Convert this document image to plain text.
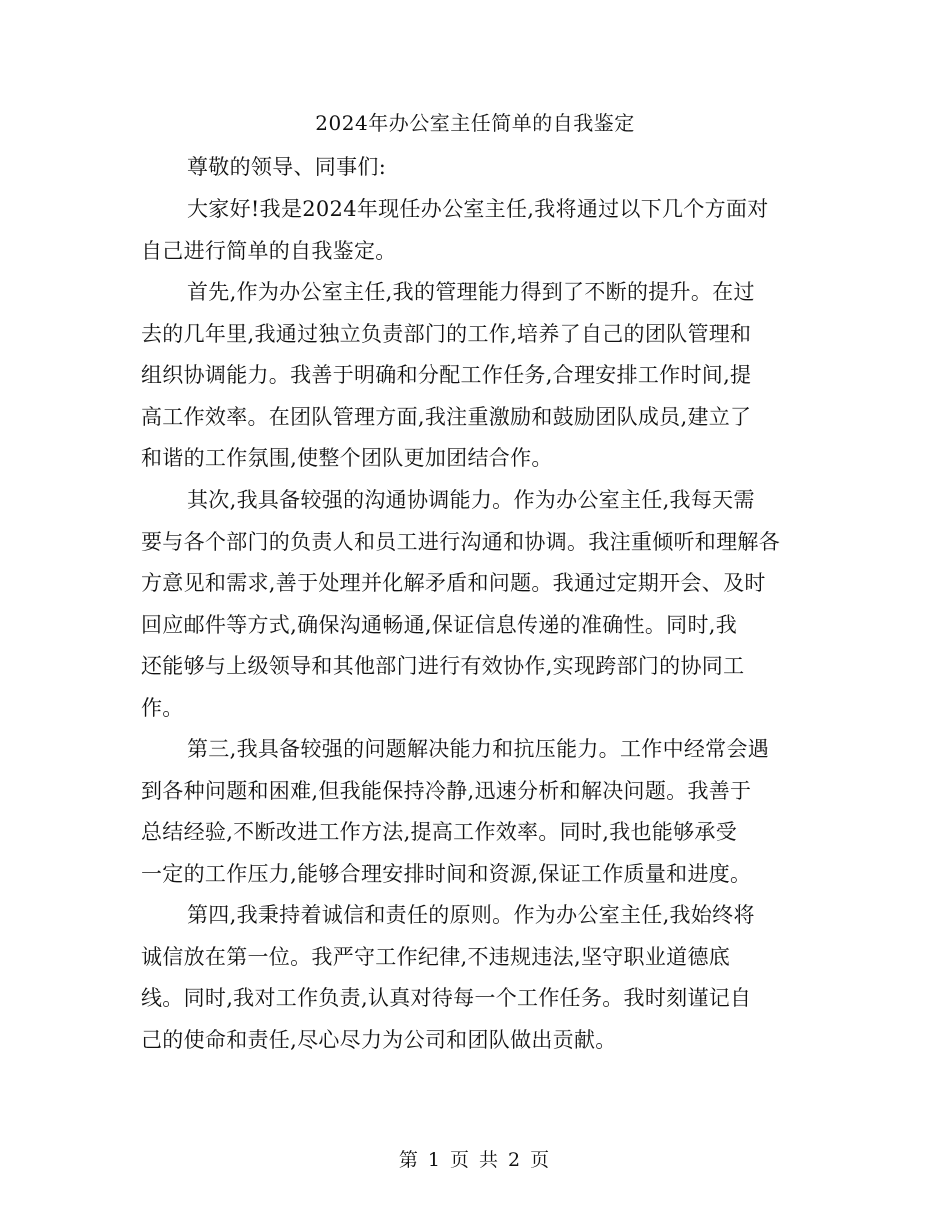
2024年办公室主任简单的自我鉴定
尊敬的领导、同事们:
大家好!我是2024年现任办公室主任,我将通过以下几个方面对
自己进行简单的自我鉴定。
首先,作为办公室主任,我的管理能力得到了不断的提升。在过
去的几年里,我通过独立负责部门的工作,培养了自己的团队管理和
组织协调能力。我善于明确和分配工作任务,合理安排工作时间,提
高工作效率。在团队管理方面,我注重激励和鼓励团队成员,建立了
和谐的工作氛围,使整个团队更加团结合作。
其次,我具备较强的沟通协调能力。作为办公室主任,我每天需
要与各个部门的负责人和员工进行沟通和协调。我注重倾听和理解各
方意见和需求,善于处理并化解矛盾和问题。我通过定期开会、及时
回应邮件等方式,确保沟通畅通,保证信息传递的准确性。同时,我
还能够与上级领导和其他部门进行有效协作,实现跨部门的协同工
作。
第三,我具备较强的问题解决能力和抗压能力。工作中经常会遇
到各种问题和困难,但我能保持冷静,迅速分析和解决问题。我善于
总结经验,不断改进工作方法,提高工作效率。同时,我也能够承受
一定的工作压力,能够合理安排时间和资源,保证工作质量和进度。
第四,我秉持着诚信和责任的原则。作为办公室主任,我始终将
诚信放在第一位。我严守工作纪律,不违规违法,坚守职业道德底
线。同时,我对工作负责,认真对待每一个工作任务。我时刻谨记自
己的使命和责任,尽心尽力为公司和团队做出贡献。
第 1 页 共 2 页
